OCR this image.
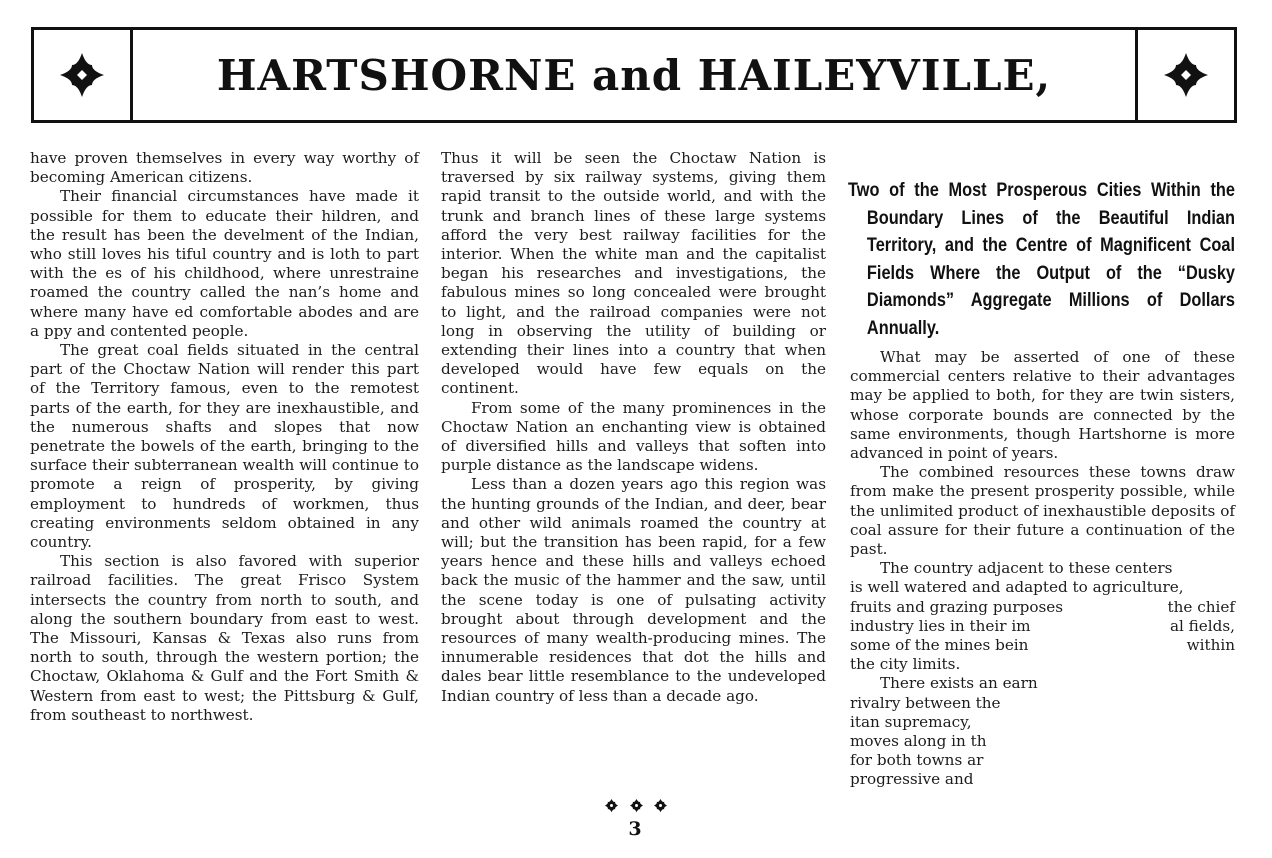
HARTSHORNE and HAILEYVILLE,

have proven themselves in every way worthy of becoming American citizens.

Their financial circumstances have made it possible for them to educate their hildren, and the result has been the develment of the Indian, who still loves his tiful country and is loth to part with the es of his childhood, where unrestraine roamed the country called the nan’s home and where many have ed comfortable abodes and are a ppy and contented people.

The great coal fields situated in the central part of the Choctaw Nation will render this part of the Territory famous, even to the remotest parts of the earth, for they are inexhaustible, and the numerous shafts and slopes that now penetrate the bowels of the earth, bringing to the surface their subterranean wealth will continue to promote a reign of prosperity, by giving employment to hundreds of workmen, thus creating environments seldom obtained in any country.

This section is also favored with superior railroad facilities. The great Frisco System intersects the country from north to south, and along the southern boundary from east to west. The Missouri, Kansas & Texas also runs from north to south, through the western portion; the Choctaw, Oklahoma & Gulf and the Fort Smith & Western from east to west; the Pittsburg & Gulf, from southeast to northwest.

Thus it will be seen the Choctaw Nation is traversed by six railway systems, giving them rapid transit to the outside world, and with the trunk and branch lines of these large systems afford the very best railway facilities for the interior. When the white man and the capitalist began his researches and investigations, the fabulous mines so long concealed were brought to light, and the railroad companies were not long in observing the utility of building or extending their lines into a country that when developed would have few equals on the continent.

From some of the many prominences in the Choctaw Nation an enchanting view is obtained of diversified hills and valleys that soften into purple distance as the landscape widens.

Less than a dozen years ago this region was the hunting grounds of the Indian, and deer, bear and other wild animals roamed the country at will; but the transition has been rapid, for a few years hence and these hills and valleys echoed back the music of the hammer and the saw, until the scene today is one of pulsating activity brought about through development and the resources of many wealth-producing mines. The innumerable residences that dot the hills and dales bear little resemblance to the undeveloped Indian country of less than a decade ago.

Two of the Most Prosperous Cities Within the Boundary Lines of the Beautiful Indian Territory, and the Centre of Magnificent Coal Fields Where the Output of the “Dusky Diamonds” Aggregate Millions of Dollars Annually.

What may be asserted of one of these commercial centers relative to their advantages may be applied to both, for they are twin sisters, whose corporate bounds are connected by the same environments, though Hartshorne is more advanced in point of years.

The combined resources these towns draw from make the present prosperity possible, while the unlimited product of inexhaustible deposits of coal assure for their future a continuation of the past.

The country adjacent to these centers
is well watered and adapted to agriculture,
fruits and grazing purposes	the chief
industry lies in their im	al fields,
some of the mines bein	within
the city limits.
There exists an earn
rivalry between the
itan supremacy,
moves along in th
for both towns ar
progressive and
3
